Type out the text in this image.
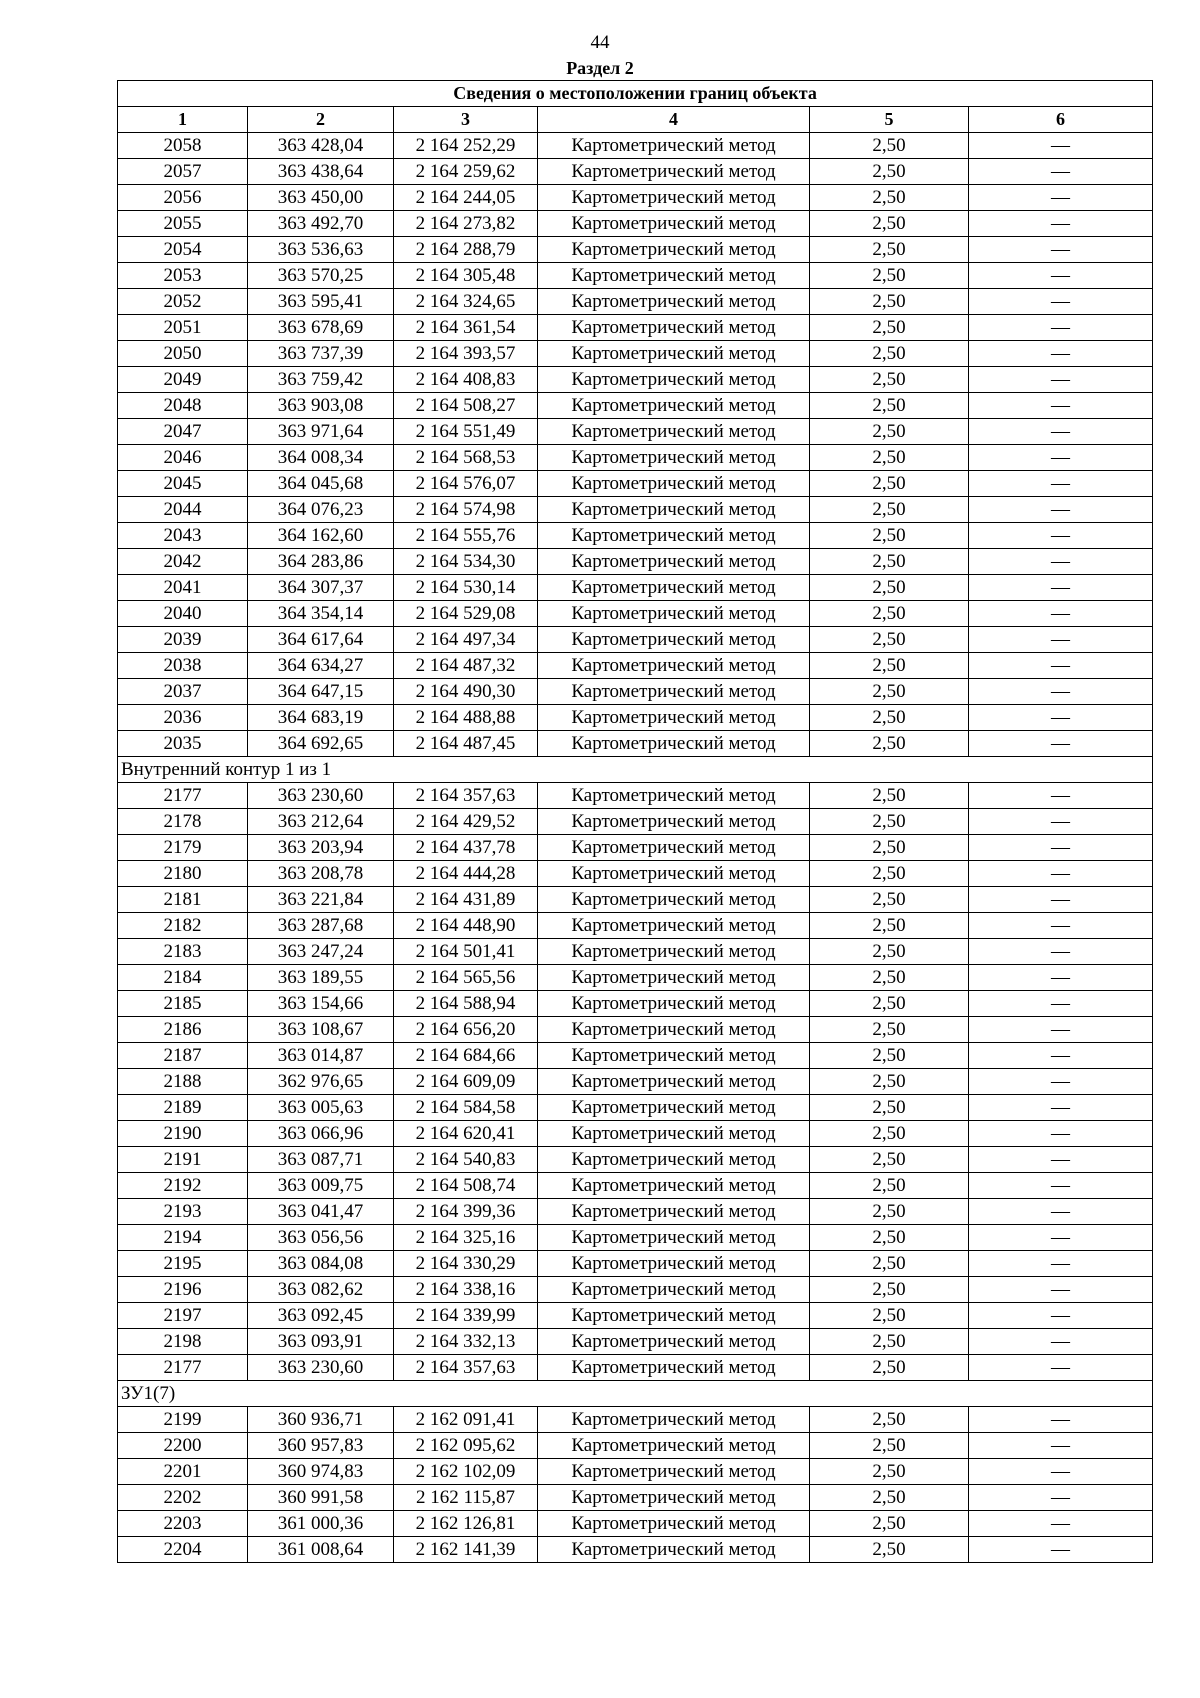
44
Раздел 2
Сведения о местоположении границ объекта					
1	2	3	4	5	6
2058	363 428,04	2 164 252,29	Картометрический метод	2,50	—
2057	363 438,64	2 164 259,62	Картометрический метод	2,50	—
2056	363 450,00	2 164 244,05	Картометрический метод	2,50	—
2055	363 492,70	2 164 273,82	Картометрический метод	2,50	—
2054	363 536,63	2 164 288,79	Картометрический метод	2,50	—
2053	363 570,25	2 164 305,48	Картометрический метод	2,50	—
2052	363 595,41	2 164 324,65	Картометрический метод	2,50	—
2051	363 678,69	2 164 361,54	Картометрический метод	2,50	—
2050	363 737,39	2 164 393,57	Картометрический метод	2,50	—
2049	363 759,42	2 164 408,83	Картометрический метод	2,50	—
2048	363 903,08	2 164 508,27	Картометрический метод	2,50	—
2047	363 971,64	2 164 551,49	Картометрический метод	2,50	—
2046	364 008,34	2 164 568,53	Картометрический метод	2,50	—
2045	364 045,68	2 164 576,07	Картометрический метод	2,50	—
2044	364 076,23	2 164 574,98	Картометрический метод	2,50	—
2043	364 162,60	2 164 555,76	Картометрический метод	2,50	—
2042	364 283,86	2 164 534,30	Картометрический метод	2,50	—
2041	364 307,37	2 164 530,14	Картометрический метод	2,50	—
2040	364 354,14	2 164 529,08	Картометрический метод	2,50	—
2039	364 617,64	2 164 497,34	Картометрический метод	2,50	—
2038	364 634,27	2 164 487,32	Картометрический метод	2,50	—
2037	364 647,15	2 164 490,30	Картометрический метод	2,50	—
2036	364 683,19	2 164 488,88	Картометрический метод	2,50	—
2035	364 692,65	2 164 487,45	Картометрический метод	2,50	—
Внутренний контур 1 из 1					
2177	363 230,60	2 164 357,63	Картометрический метод	2,50	—
2178	363 212,64	2 164 429,52	Картометрический метод	2,50	—
2179	363 203,94	2 164 437,78	Картометрический метод	2,50	—
2180	363 208,78	2 164 444,28	Картометрический метод	2,50	—
2181	363 221,84	2 164 431,89	Картометрический метод	2,50	—
2182	363 287,68	2 164 448,90	Картометрический метод	2,50	—
2183	363 247,24	2 164 501,41	Картометрический метод	2,50	—
2184	363 189,55	2 164 565,56	Картометрический метод	2,50	—
2185	363 154,66	2 164 588,94	Картометрический метод	2,50	—
2186	363 108,67	2 164 656,20	Картометрический метод	2,50	—
2187	363 014,87	2 164 684,66	Картометрический метод	2,50	—
2188	362 976,65	2 164 609,09	Картометрический метод	2,50	—
2189	363 005,63	2 164 584,58	Картометрический метод	2,50	—
2190	363 066,96	2 164 620,41	Картометрический метод	2,50	—
2191	363 087,71	2 164 540,83	Картометрический метод	2,50	—
2192	363 009,75	2 164 508,74	Картометрический метод	2,50	—
2193	363 041,47	2 164 399,36	Картометрический метод	2,50	—
2194	363 056,56	2 164 325,16	Картометрический метод	2,50	—
2195	363 084,08	2 164 330,29	Картометрический метод	2,50	—
2196	363 082,62	2 164 338,16	Картометрический метод	2,50	—
2197	363 092,45	2 164 339,99	Картометрический метод	2,50	—
2198	363 093,91	2 164 332,13	Картометрический метод	2,50	—
2177	363 230,60	2 164 357,63	Картометрический метод	2,50	—
ЗУ1(7)					
2199	360 936,71	2 162 091,41	Картометрический метод	2,50	—
2200	360 957,83	2 162 095,62	Картометрический метод	2,50	—
2201	360 974,83	2 162 102,09	Картометрический метод	2,50	—
2202	360 991,58	2 162 115,87	Картометрический метод	2,50	—
2203	361 000,36	2 162 126,81	Картометрический метод	2,50	—
2204	361 008,64	2 162 141,39	Картометрический метод	2,50	—
